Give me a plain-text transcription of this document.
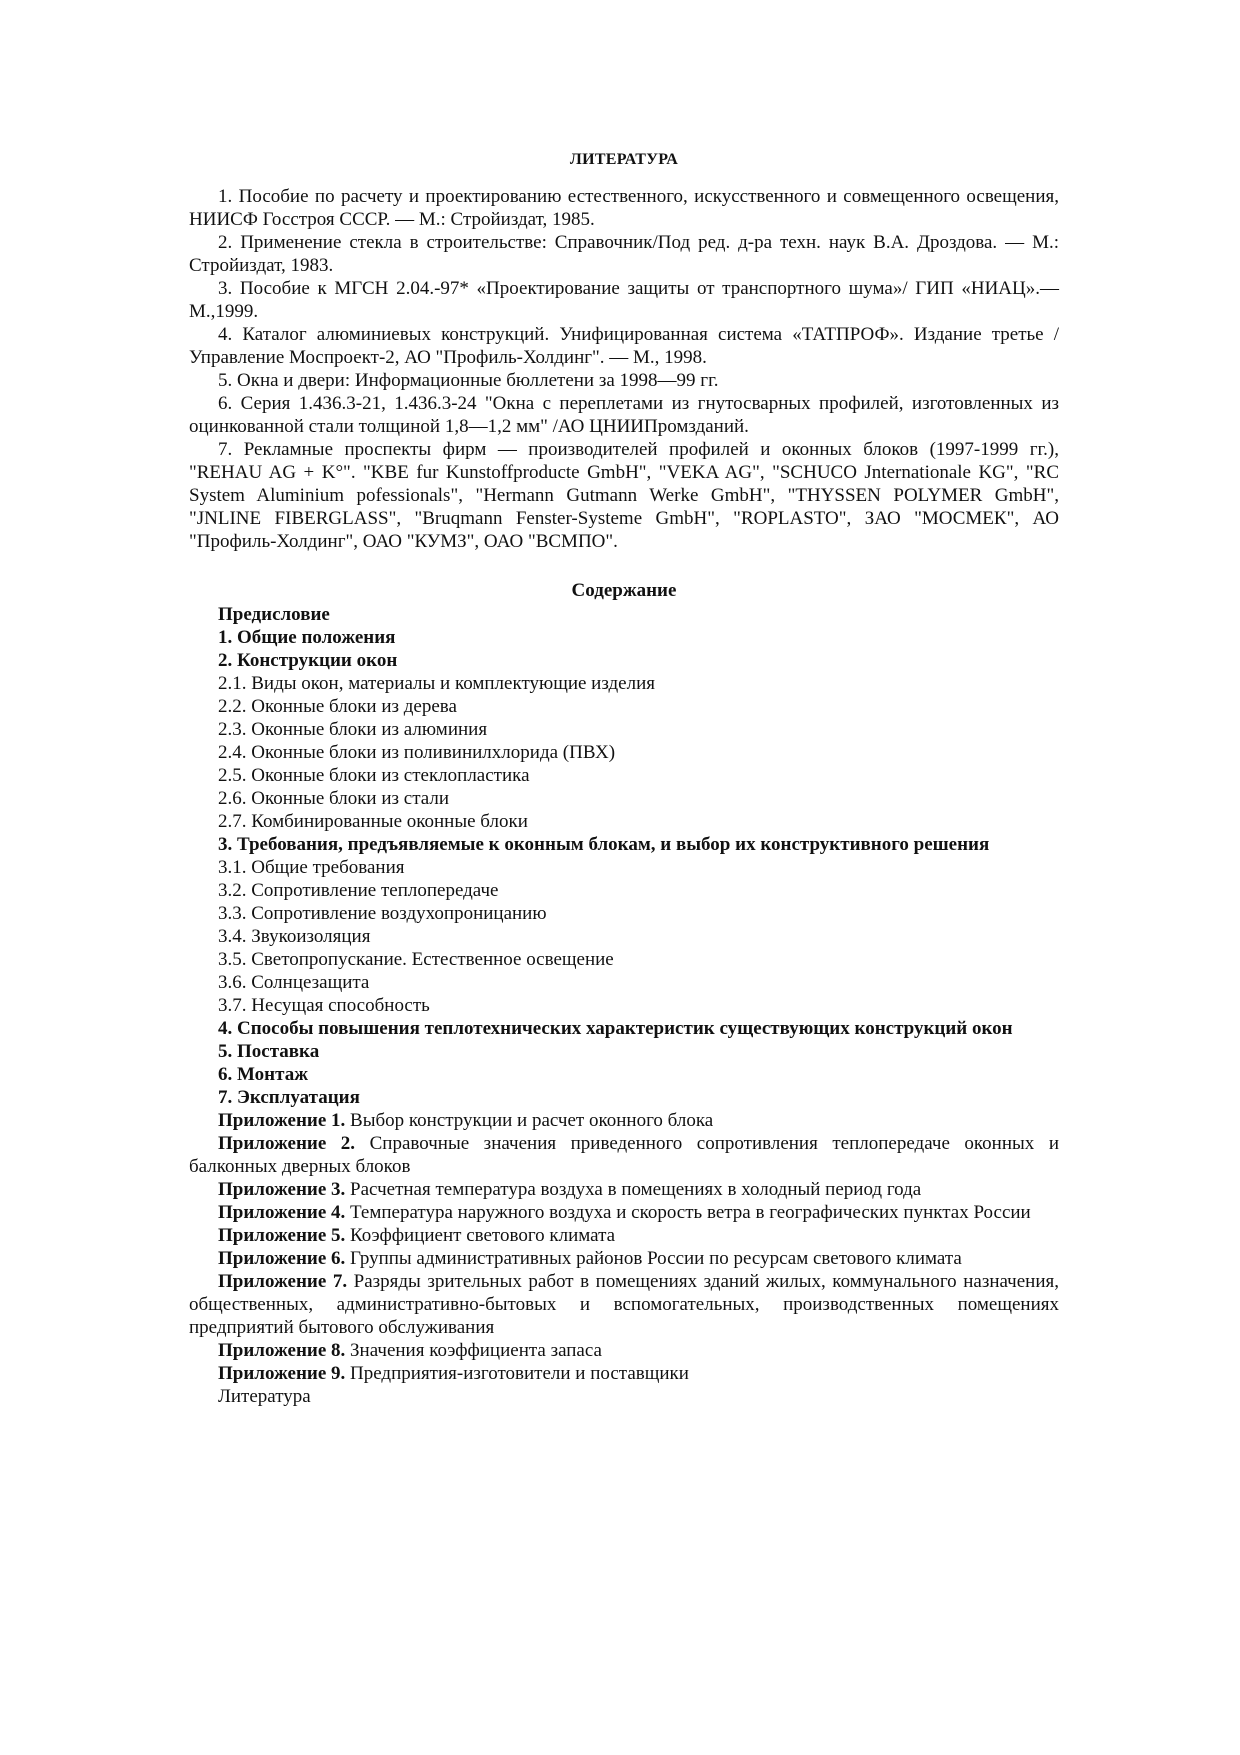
ЛИТЕРАТУРА

1. Пособие по расчету и проектированию естественного, искусственного и совмещенного освещения, НИИСФ Госстроя СССР. — М.: Стройиздат, 1985.

2. Применение стекла в строительстве: Справочник/Под ред. д-ра техн. наук В.А. Дроздова. — М.: Стройиздат, 1983.

3. Пособие к МГСН 2.04.-97* «Проектирование защиты от транспортного шума»/ ГИП «НИАЦ».—М.,1999.

4. Каталог алюминиевых конструкций. Унифицированная система «ТАТПРОФ». Издание третье / Управление Моспроект-2, АО "Профиль-Холдинг". — М., 1998.

5. Окна и двери: Информационные бюллетени за 1998—99 гг.

6. Серия 1.436.3-21, 1.436.3-24 "Окна с переплетами из гнутосварных профилей, изготовленных из оцинкованной стали толщиной 1,8—1,2 мм" /АО ЦНИИПромзданий.

7. Рекламные проспекты фирм — производителей профилей и оконных блоков (1997-1999 гг.), "REHAU AG + K°". "KBE fur Kunstoffproducte GmbH", "VEKA AG", "SCHUCO Jnternationale KG", "RC System Aluminium pofessionals", "Hermann Gutmann Werke GmbH", "THYSSEN POLYMER GmbH", "JNLINE FIBERGLASS", "Bruqmann Fenster-Systeme GmbH", "ROPLASTO", ЗАО "МОСМЕК", АО "Профиль-Холдинг", ОАО "КУМЗ", ОАО "ВСМПО".

Содержание

Предисловие

1. Общие положения

2. Конструкции окон

2.1. Виды окон, материалы и комплектующие изделия

2.2. Оконные блоки из дерева

2.3. Оконные блоки из алюминия

2.4. Оконные блоки из поливинилхлорида (ПВХ)

2.5. Оконные блоки из стеклопластика

2.6. Оконные блоки из стали

2.7. Комбинированные оконные блоки

3. Требования, предъявляемые к оконным блокам, и выбор их конструктивного решения

3.1. Общие требования

3.2. Сопротивление теплопередаче

3.3. Сопротивление воздухопроницанию

3.4. Звукоизоляция

3.5. Светопропускание. Естественное освещение

3.6. Солнцезащита

3.7. Несущая способность

4. Способы повышения теплотехнических характеристик существующих конструкций окон

5. Поставка

6. Монтаж

7. Эксплуатация

Приложение 1. Выбор конструкции и расчет оконного блока

Приложение 2. Справочные значения приведенного сопротивления теплопередаче оконных и балконных дверных блоков

Приложение 3. Расчетная температура воздуха в помещениях в холодный период года

Приложение 4. Температура наружного воздуха и скорость ветра в географических пунктах России

Приложение 5. Коэффициент светового климата

Приложение 6. Группы административных районов России по ресурсам светового климата

Приложение 7. Разряды зрительных работ в помещениях зданий жилых, коммунального назначения, общественных, административно-бытовых и вспомогательных, производственных помещениях предприятий бытового обслуживания

Приложение 8. Значения коэффициента запаса

Приложение 9. Предприятия-изготовители и поставщики

Литература
